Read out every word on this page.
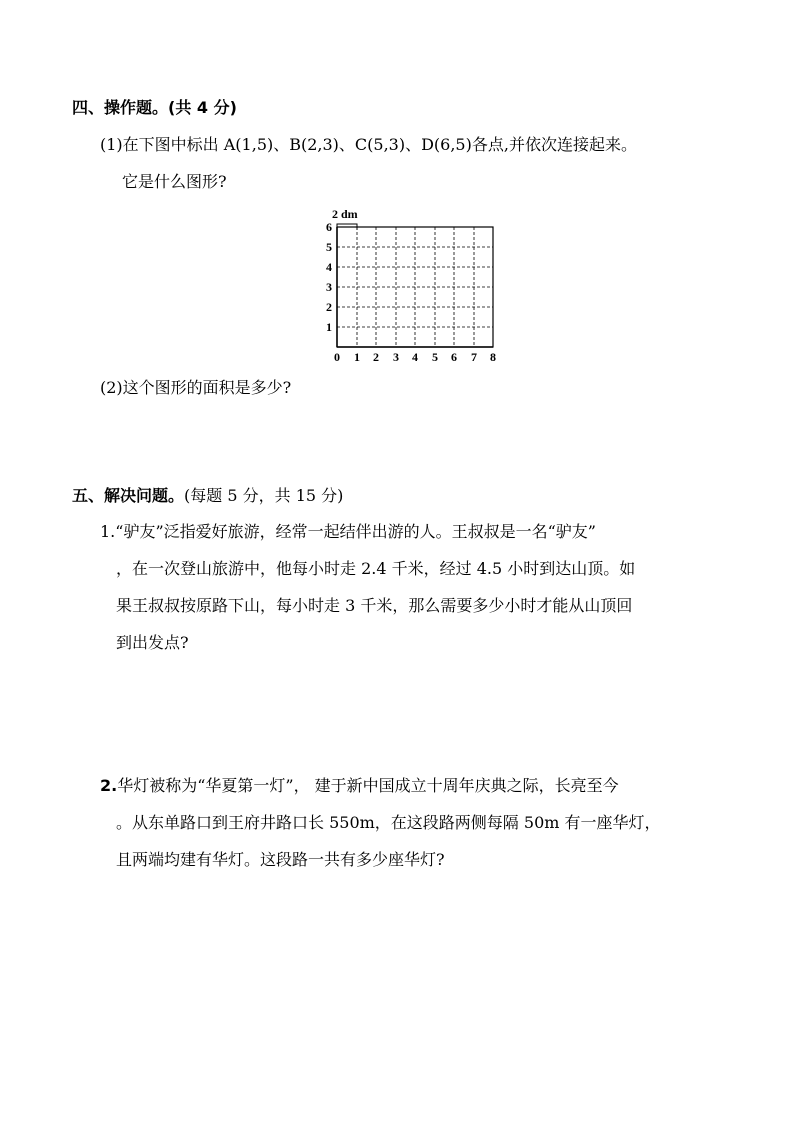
四、操作题。(共 4 分)
(1)在下图中标出 A(1,5)、B(2,3)、C(5,3)、D(6,5)各点,并依次连接起来。
它是什么图形?
2 dm
0 1 2 3 4 5 6 7 8
1
2
3
4
5
6
(2)这个图形的面积是多少?
五、解决问题。(每题 5 分，共 15 分)
1.“驴友”泛指爱好旅游，经常一起结伴出游的人。王叔叔是一名“驴友”
，在一次登山旅游中，他每小时走 2.4 千米，经过 4.5 小时到达山顶。如
果王叔叔按原路下山，每小时走 3 千米，那么需要多少小时才能从山顶回
到出发点?
2.华灯被称为“华夏第一灯”， 建于新中国成立十周年庆典之际，长亮至今
。从东单路口到王府井路口长 550m，在这段路两侧每隔 50m 有一座华灯，
且两端均建有华灯。这段路一共有多少座华灯?
